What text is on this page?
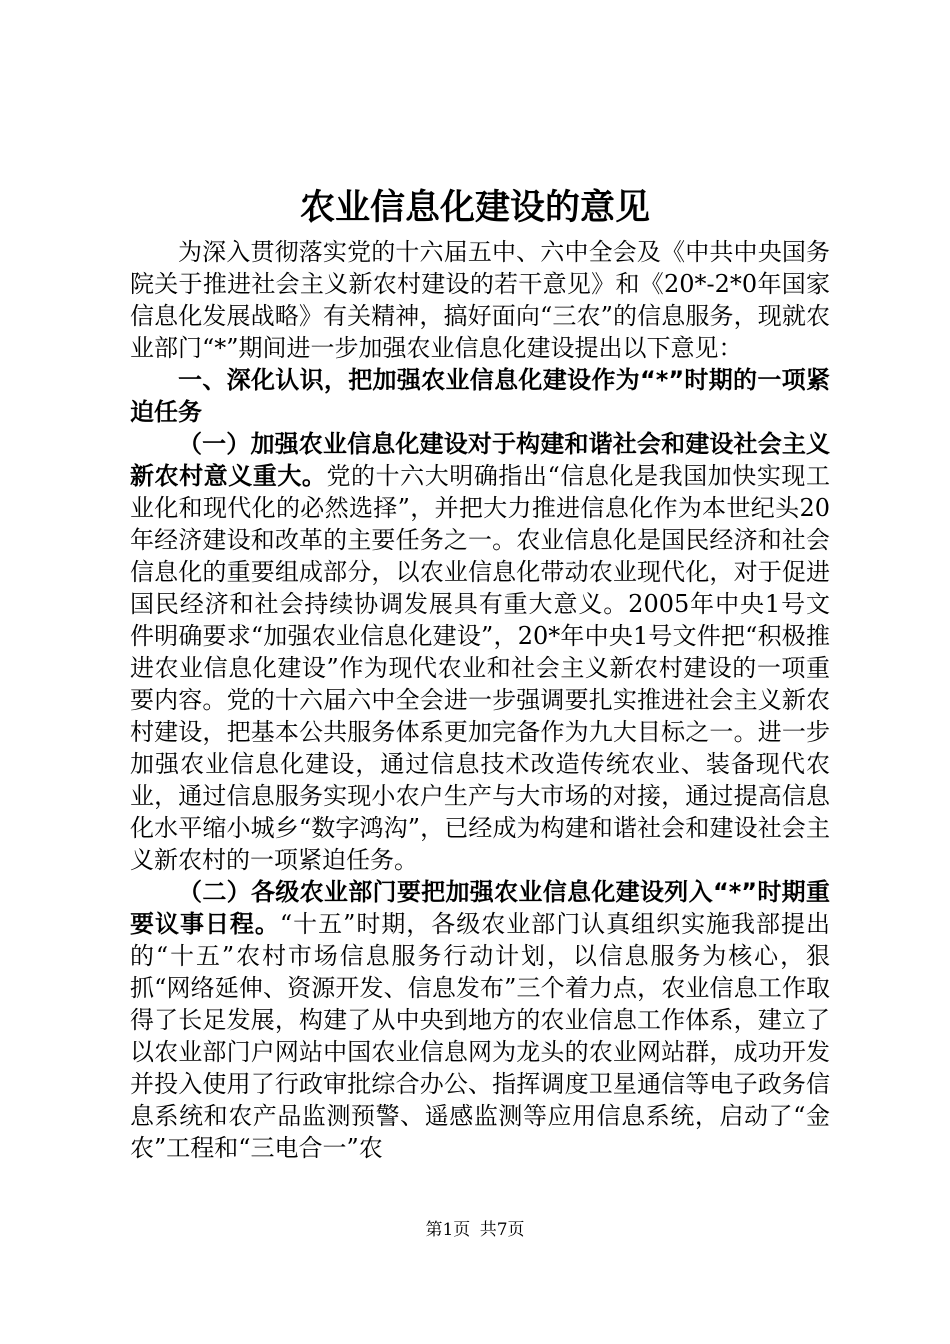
农业信息化建设的意见

为深入贯彻落实党的十六届五中、六中全会及《中共中央国务院关于推进社会主义新农村建设的若干意见》和《20*-2*0年国家信息化发展战略》有关精神，搞好面向“三农”的信息服务，现就农业部门“*”期间进一步加强农业信息化建设提出以下意见：

一、深化认识，把加强农业信息化建设作为“*”时期的一项紧迫任务

（一）加强农业信息化建设对于构建和谐社会和建设社会主义新农村意义重大。党的十六大明确指出“信息化是我国加快实现工业化和现代化的必然选择”，并把大力推进信息化作为本世纪头20年经济建设和改革的主要任务之一。农业信息化是国民经济和社会信息化的重要组成部分，以农业信息化带动农业现代化，对于促进国民经济和社会持续协调发展具有重大意义。2005年中央1号文件明确要求“加强农业信息化建设”，20*年中央1号文件把“积极推进农业信息化建设”作为现代农业和社会主义新农村建设的一项重要内容。党的十六届六中全会进一步强调要扎实推进社会主义新农村建设，把基本公共服务体系更加完备作为九大目标之一。进一步加强农业信息化建设，通过信息技术改造传统农业、装备现代农业，通过信息服务实现小农户生产与大市场的对接，通过提高信息化水平缩小城乡“数字鸿沟”，已经成为构建和谐社会和建设社会主义新农村的一项紧迫任务。

（二）各级农业部门要把加强农业信息化建设列入“*”时期重要议事日程。“十五”时期，各级农业部门认真组织实施我部提出的“十五”农村市场信息服务行动计划，以信息服务为核心，狠抓“网络延伸、资源开发、信息发布”三个着力点，农业信息工作取得了长足发展，构建了从中央到地方的农业信息工作体系，建立了以农业部门户网站中国农业信息网为龙头的农业网站群，成功开发并投入使用了行政审批综合办公、指挥调度卫星通信等电子政务信息系统和农产品监测预警、遥感监测等应用信息系统，启动了“金农”工程和“三电合一”农

第1页 共7页
